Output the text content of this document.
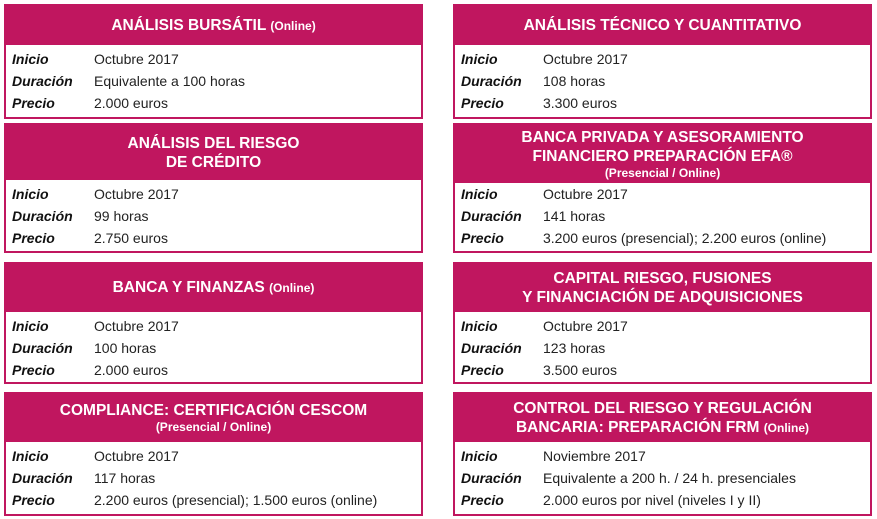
ANÁLISIS BURSÁTIL (Online)
Inicio	Octubre 2017
Duración	Equivalente a 100 horas
Precio	2.000 euros
ANÁLISIS TÉCNICO Y CUANTITATIVO
Inicio	Octubre 2017
Duración	108 horas
Precio	3.300 euros
ANÁLISIS DEL RIESGO
DE CRÉDITO
Inicio	Octubre 2017
Duración	99 horas
Precio	2.750 euros
BANCA PRIVADA Y ASESORAMIENTO
FINANCIERO PREPARACIÓN EFA®
(Presencial / Online)
Inicio	Octubre 2017
Duración	141 horas
Precio	3.200 euros (presencial); 2.200 euros (online)
BANCA Y FINANZAS (Online)
Inicio	Octubre 2017
Duración	100 horas
Precio	2.000 euros
CAPITAL RIESGO, FUSIONES
Y FINANCIACIÓN DE ADQUISICIONES
Inicio	Octubre 2017
Duración	123 horas
Precio	3.500 euros
COMPLIANCE: CERTIFICACIÓN CESCOM
(Presencial / Online)
Inicio	Octubre 2017
Duración	117 horas
Precio	2.200 euros (presencial); 1.500 euros (online)
CONTROL DEL RIESGO Y REGULACIÓN
BANCARIA: PREPARACIÓN FRM (Online)
Inicio	Noviembre 2017
Duración	Equivalente a 200 h. / 24 h. presenciales
Precio	2.000 euros por nivel (niveles I y II)
